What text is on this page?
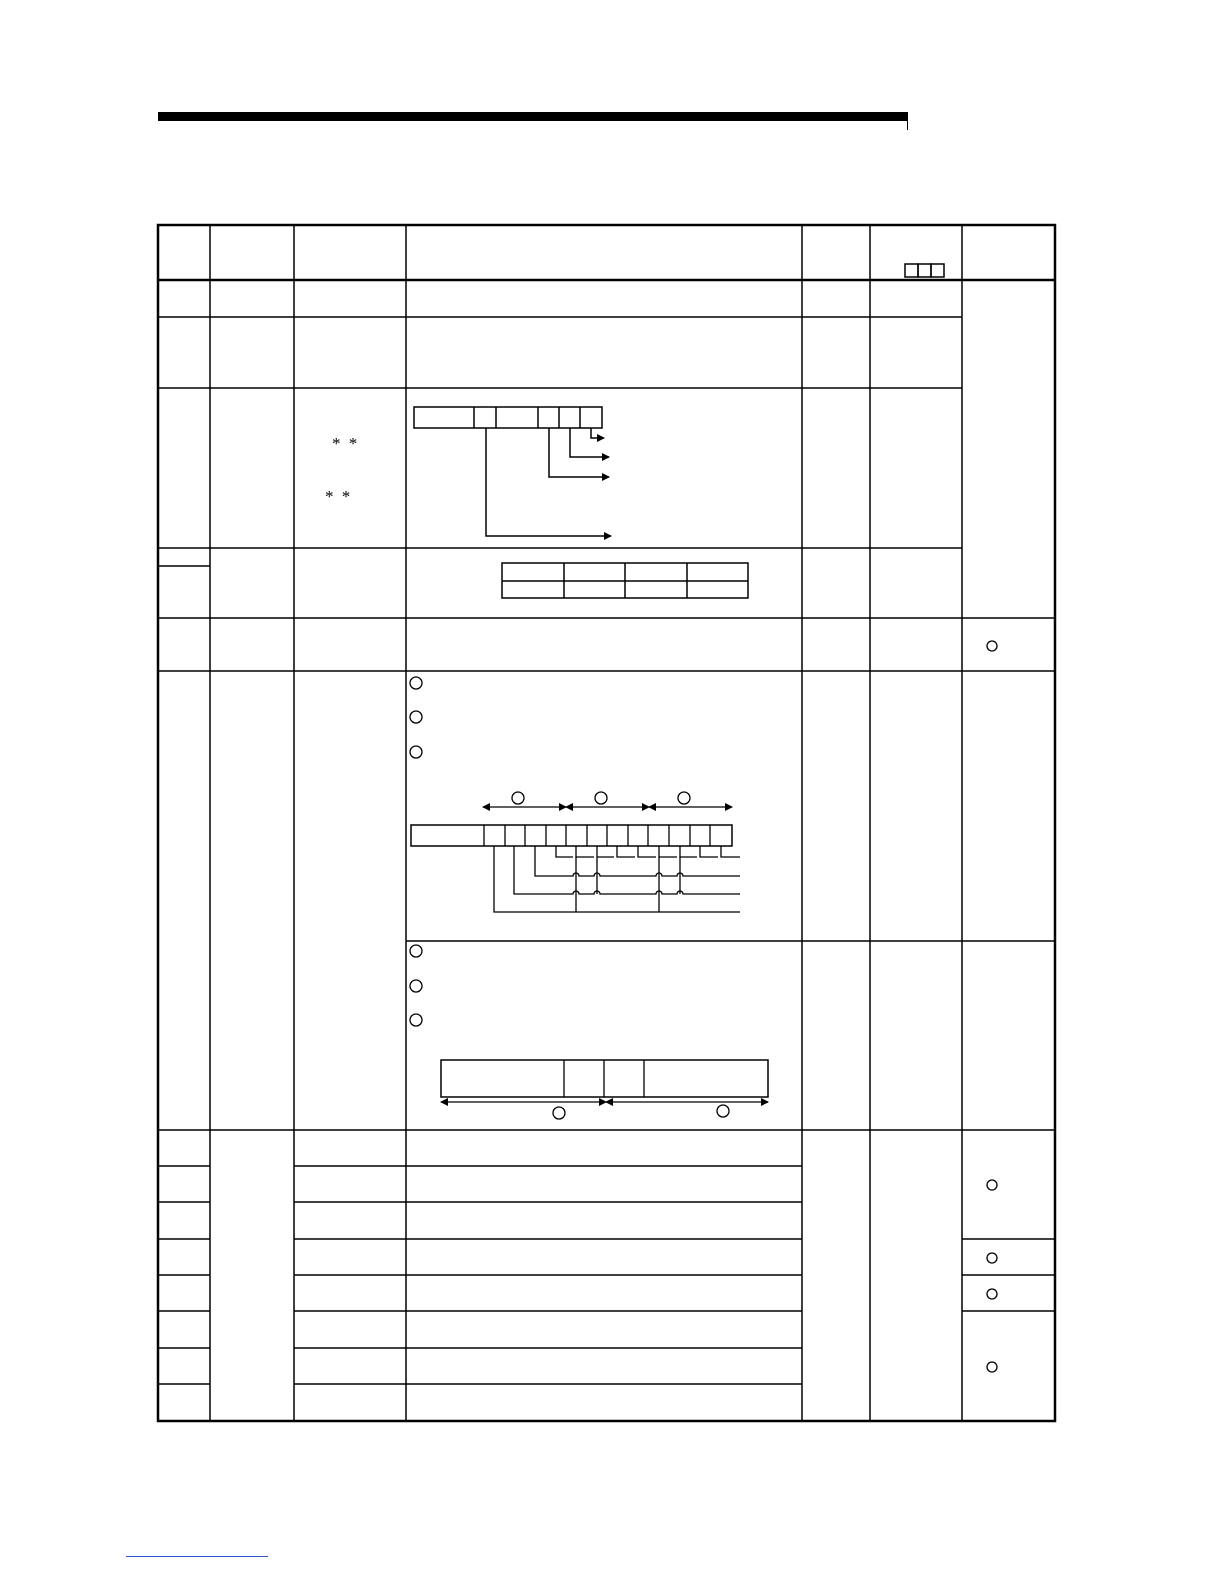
* *
* *
